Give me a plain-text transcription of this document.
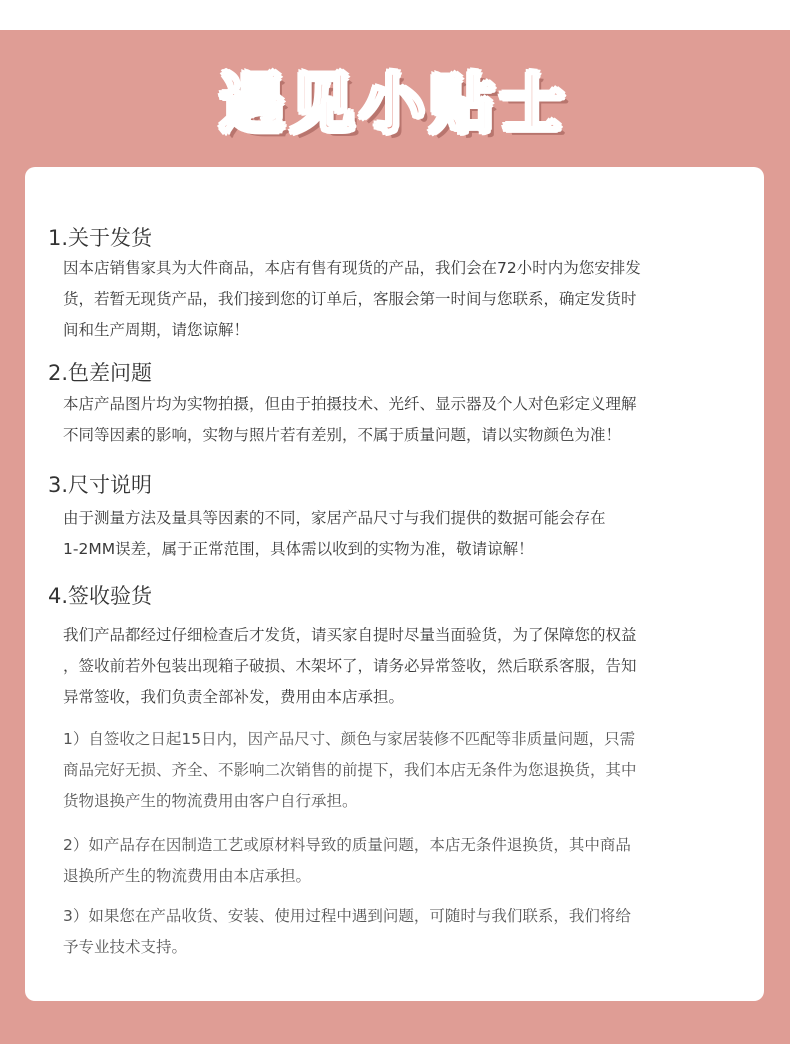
遇见小贴士
1.关于发货

因本店销售家具为大件商品，本店有售有现货的产品，我们会在72小时内为您安排发
货，若暂无现货产品，我们接到您的订单后，客服会第一时间与您联系，确定发货时
间和生产周期，请您谅解！

2.色差问题

本店产品图片均为实物拍摄，但由于拍摄技术、光纤、显示器及个人对色彩定义理解
不同等因素的影响，实物与照片若有差别，不属于质量问题，请以实物颜色为准！

3.尺寸说明

由于测量方法及量具等因素的不同，家居产品尺寸与我们提供的数据可能会存在
1-2MM误差，属于正常范围，具体需以收到的实物为准，敬请谅解！

4.签收验货

我们产品都经过仔细检查后才发货，请买家自提时尽量当面验货，为了保障您的权益
，签收前若外包装出现箱子破损、木架坏了，请务必异常签收，然后联系客服，告知
异常签收，我们负责全部补发，费用由本店承担。

1）自签收之日起15日内，因产品尺寸、颜色与家居装修不匹配等非质量问题，只需
商品完好无损、齐全、不影响二次销售的前提下，我们本店无条件为您退换货，其中
货物退换产生的物流费用由客户自行承担。

2）如产品存在因制造工艺或原材料导致的质量问题，本店无条件退换货，其中商品
退换所产生的物流费用由本店承担。

3）如果您在产品收货、安装、使用过程中遇到问题，可随时与我们联系，我们将给
予专业技术支持。
